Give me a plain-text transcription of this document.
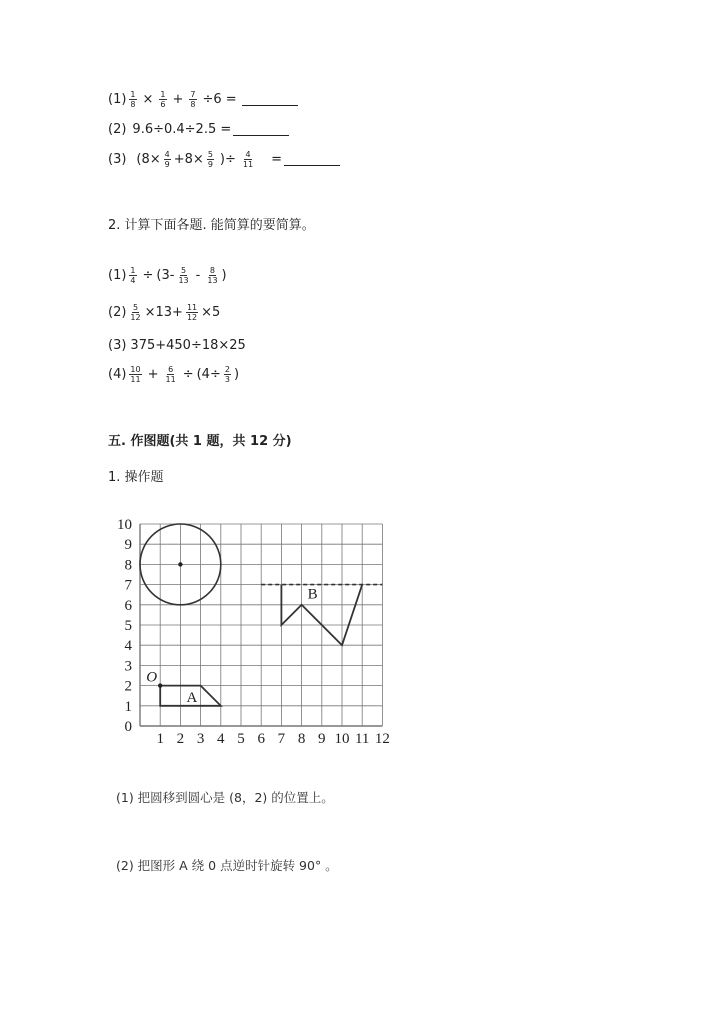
$(1) \frac{1}{8} \times \frac{1}{6} + \frac{7}{8} \div 6$ =
(2) 9.6÷0.4÷2.5 =
(3) ($8\times \frac{4}{9} +8\times \frac{5}{9}$ )÷ $\frac{4}{11}$ =
2. 计算下面各题. 能简算的要简算。
$(1) \frac{1}{4} \div (3- \frac{5}{13} - \frac{8}{13}$ )
$(2) \frac{5}{12} \times 13+ \frac{11}{12} \times 5$
(3) 375+450÷18×25
$(4) \frac{10}{11} + \frac{6}{11} \div (4\div \frac{2}{3}$ )
五. 作图题(共 1 题，共 12 分)
1. 操作题
1 2 3 4 5 6 7 8 9 10 11 12
0
1
2
3
4
5
6
7
8
9
10
O
A
B
(1) 把圆移到圆心是 (8，2) 的位置上。
(2) 把图形 A 绕 0 点逆时针旋转 90° 。
